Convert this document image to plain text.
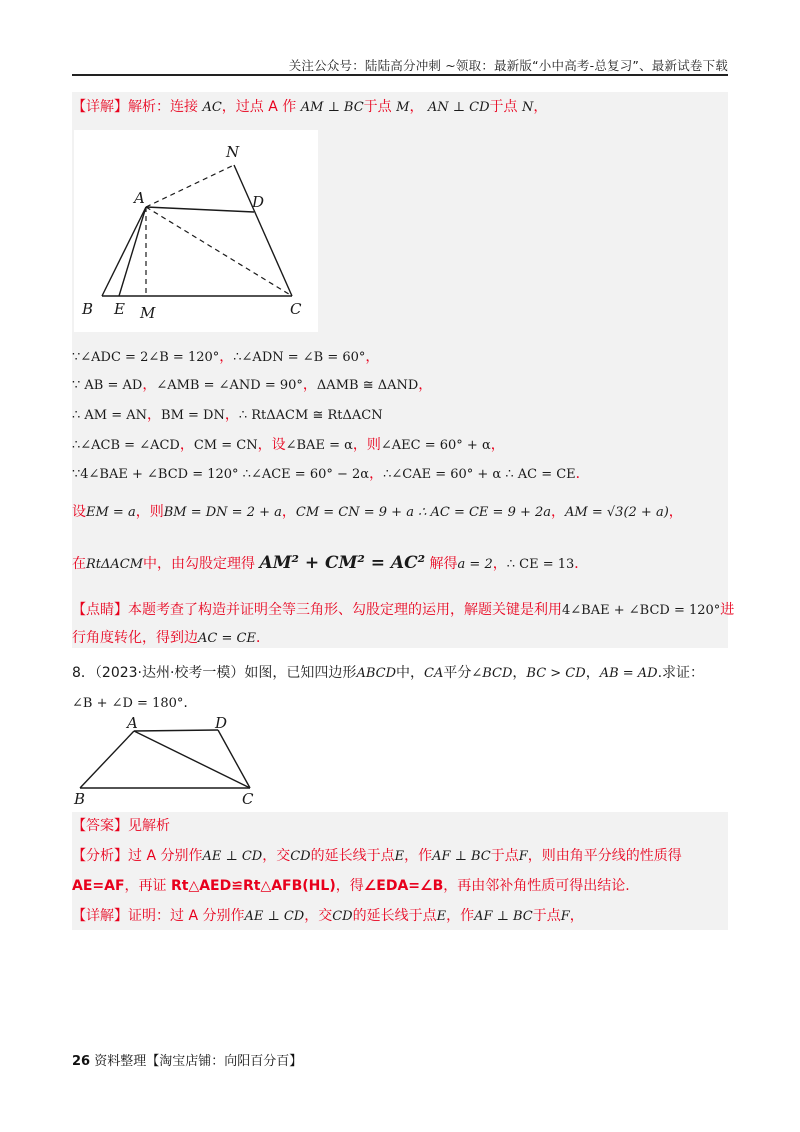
关注公众号：陆陆高分冲刺 ~领取：最新版“小中高考-总复习”、最新试卷下载
【详解】解析：连接 AC，过点 A 作 AM ⊥ BC于点 M， AN ⊥ CD于点 N，
N
A	D
B E M	C
∵∠ADC = 2∠B = 120°，∴∠ADN = ∠B = 60°，
∵ AB = AD，∠AMB = ∠AND = 90°，ΔAMB ≅ ΔAND，
∴ AM = AN，BM = DN，∴ RtΔACM ≅ RtΔACN
∴∠ACB = ∠ACD，CM = CN，设∠BAE = α，则∠AEC = 60° + α，
∵4∠BAE + ∠BCD = 120° ∴∠ACE = 60° − 2α，∴∠CAE = 60° + α ∴ AC = CE．
设EM = a，则BM = DN = 2 + a，CM = CN = 9 + a ∴ AC = CE = 9 + 2a，AM = √3(2 + a)，
在RtΔACM中，由勾股定理得 AM² + CM² = AC² 解得a = 2，∴ CE = 13．
【点睛】本题考查了构造并证明全等三角形、勾股定理的运用，解题关键是利用4∠BAE + ∠BCD = 120°进
行角度转化，得到边AC = CE．
8．（2023·达州·校考一模）如图，已知四边形ABCD中，CA平分∠BCD，BC > CD，AB = AD.求证：
∠B + ∠D = 180°.
A	D
B	C
【答案】见解析
【分析】过 A 分别作AE ⊥ CD，交CD的延长线于点E，作AF ⊥ BC于点F，则由角平分线的性质得
AE=AF，再证 Rt△AED≌Rt△AFB(HL)，得∠EDA=∠B，再由邻补角性质可得出结论.
【详解】证明：过 A 分别作AE ⊥ CD，交CD的延长线于点E，作AF ⊥ BC于点F，
26 资料整理【淘宝店铺：向阳百分百】
